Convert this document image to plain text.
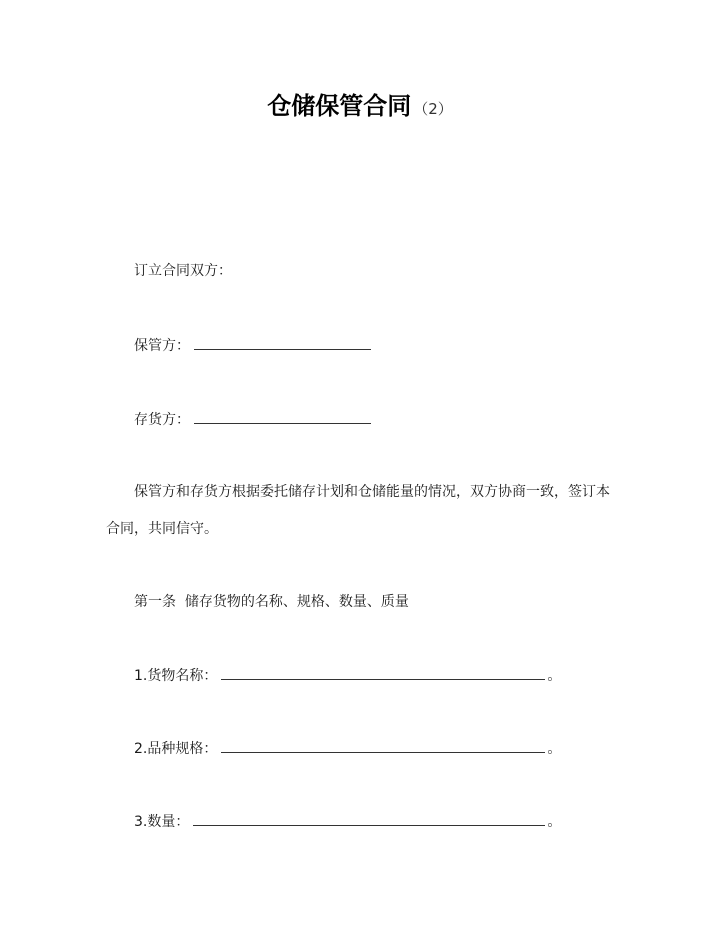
仓储保管合同 （2）
订立合同双方：
保管方：
存货方：
保管方和存货方根据委托储存计划和仓储能量的情况，双方协商一致，签订本
合同，共同信守。
第一条  储存货物的名称、规格、数量、质量
1.货物名称：	。
2.品种规格：	。
3.数量：	。
